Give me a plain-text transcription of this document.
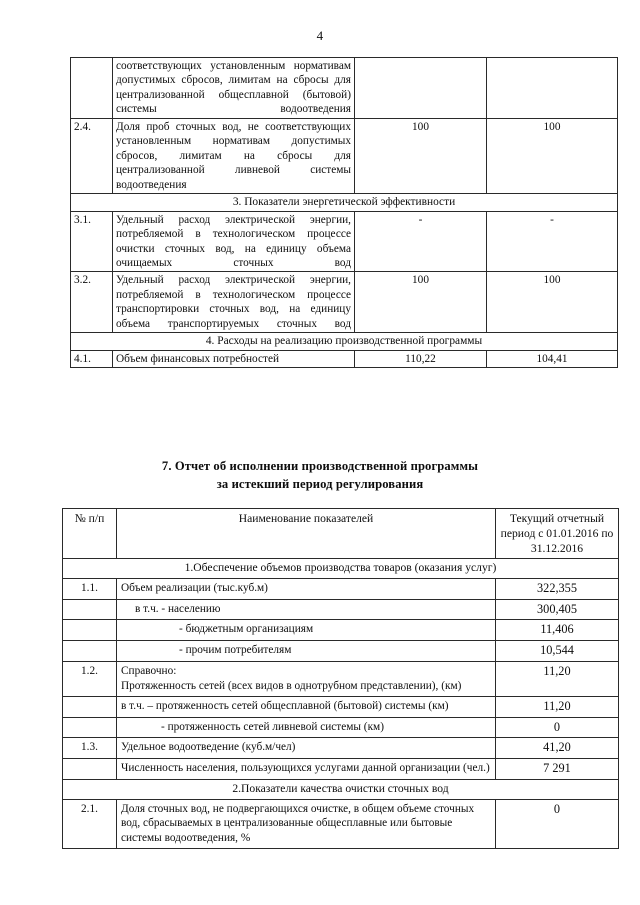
4
	соответствующих установленным нормативам допустимых сбросов, лимитам на сбросы для централизованной общесплавной (бытовой) системы водоотведения		
2.4.	Доля проб сточных вод, не соответствующих установленным нормативам допустимых сбросов, лимитам на сбросы для централизованной ливневой системы водоотведения	100	100
3. Показатели энергетической эффективности			
3.1.	Удельный расход электрической энергии, потребляемой в технологическом процессе очистки сточных вод, на единицу объема очищаемых сточных вод	-	-
3.2.	Удельный расход электрической энергии, потребляемой в технологическом процессе транспортировки сточных вод, на единицу объема транспортируемых сточных вод	100	100
4. Расходы на реализацию производственной программы			
4.1.	Объем финансовых потребностей	110,22	104,41
7. Отчет об исполнении производственной программы
за истекший период регулирования
№ п/п	Наименование показателей	Текущий отчетный период с 01.01.2016 по 31.12.2016
1.Обеспечение объемов производства товаров (оказания услуг)		
1.1.	Объем реализации (тыс.куб.м)	322,355
	в т.ч. - населению	300,405
	- бюджетным организациям	11,406
	- прочим потребителям	10,544
1.2.	Справочно:
Протяженность сетей (всех видов в однотрубном представлении), (км)	11,20
	в т.ч. – протяженность сетей общесплавной (бытовой) системы (км)	11,20
	- протяженность сетей ливневой системы (км)	0
1.3.	Удельное водоотведение (куб.м/чел)	41,20
	Численность населения, пользующихся услугами данной организации (чел.)	7 291
2.Показатели качества очистки сточных вод		
2.1.	Доля сточных вод, не подвергающихся очистке, в общем объеме сточных вод, сбрасываемых в централизованные общесплавные или бытовые системы водоотведения, %	0
